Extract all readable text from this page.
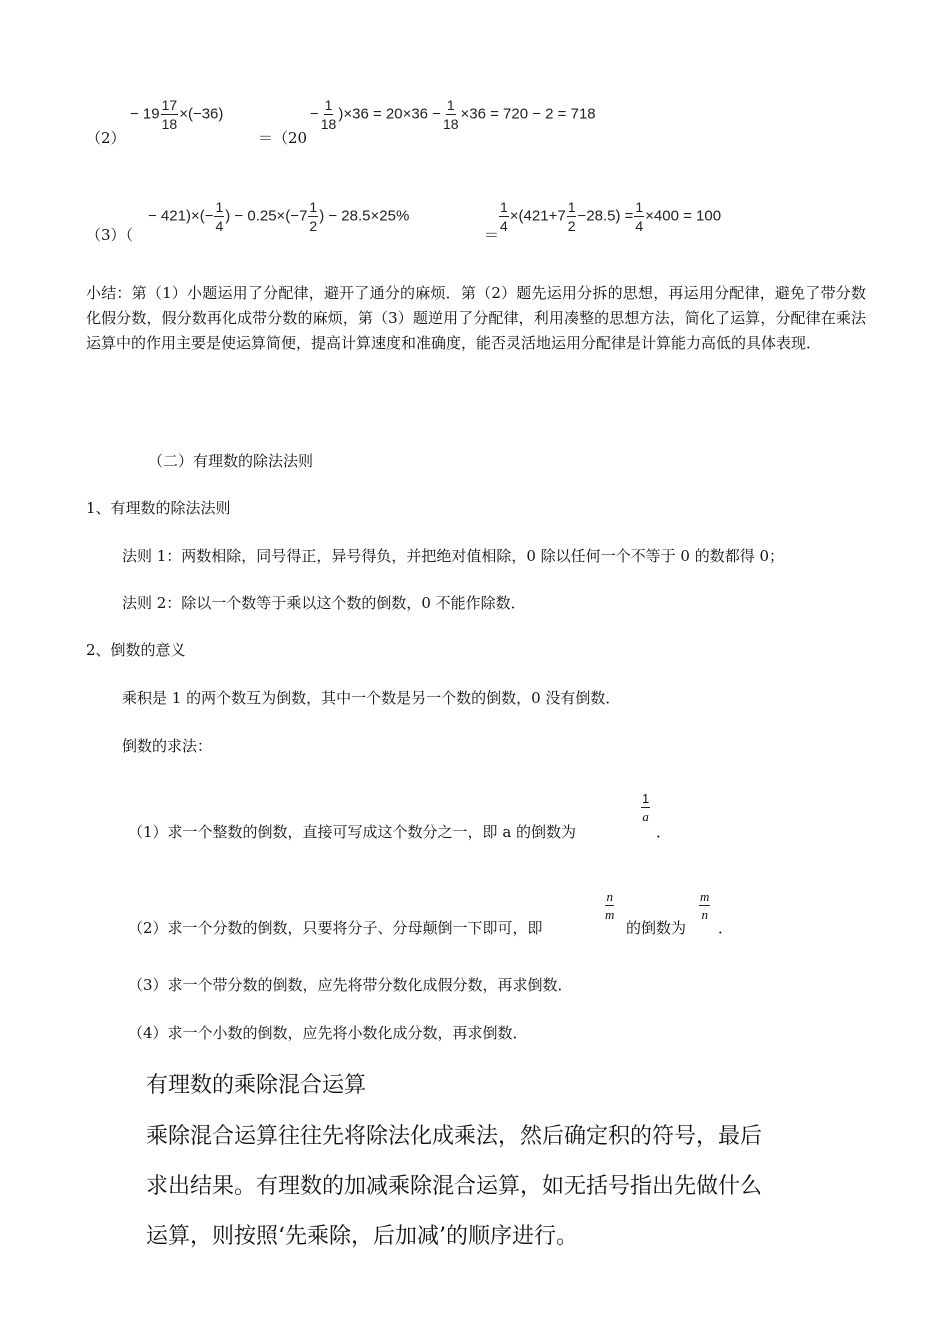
（2）
− $19 \frac{17}{18} \times(-36)$
＝（20
− $\frac{1}{18} )\times 36 = 20\times 36 - \frac{1}{18} \times 36 = 720 - 2 = 718$
（3）（
− $421)\times(- \frac{1}{4}$ ) − $0.25\times(-7 \frac{1}{2}$ ) − 28.5×25%
＝
$\frac{1}{4} \times(421+7 \frac{1}{2} -28.5) = \frac{1}{4} \times 400 = 100$
小结：第（1）小题运用了分配律，避开了通分的麻烦．第（2）题先运用分拆的思想，再运用分配律，避免了带分数化假分数，假分数再化成带分数的麻烦，第（3）题逆用了分配律，利用凑整的思想方法，简化了运算，分配律在乘法运算中的作用主要是使运算简便，提高计算速度和准确度，能否灵活地运用分配律是计算能力高低的具体表现．
（二）有理数的除法法则
1、有理数的除法法则
法则 1：两数相除，同号得正，异号得负，并把绝对值相除，0 除以任何一个不等于 0 的数都得 0；
法则 2：除以一个数等于乘以这个数的倒数，0 不能作除数．
2、倒数的意义
乘积是 1 的两个数互为倒数，其中一个数是另一个数的倒数，0 没有倒数．
倒数的求法：
（1）求一个整数的倒数，直接可写成这个数分之一，即 a 的倒数为
$\frac{1}{a}$
．
（2）求一个分数的倒数，只要将分子、分母颠倒一下即可，即
$\frac{n}{m}$
的倒数为
$\frac{m}{n}$
．
（3）求一个带分数的倒数，应先将带分数化成假分数，再求倒数．
（4）求一个小数的倒数，应先将小数化成分数，再求倒数．
有理数的乘除混合运算
乘除混合运算往往先将除法化成乘法，然后确定积的符号，最后
求出结果。有理数的加减乘除混合运算，如无括号指出先做什么
运算，则按照‘先乘除，后加减’的顺序进行。
